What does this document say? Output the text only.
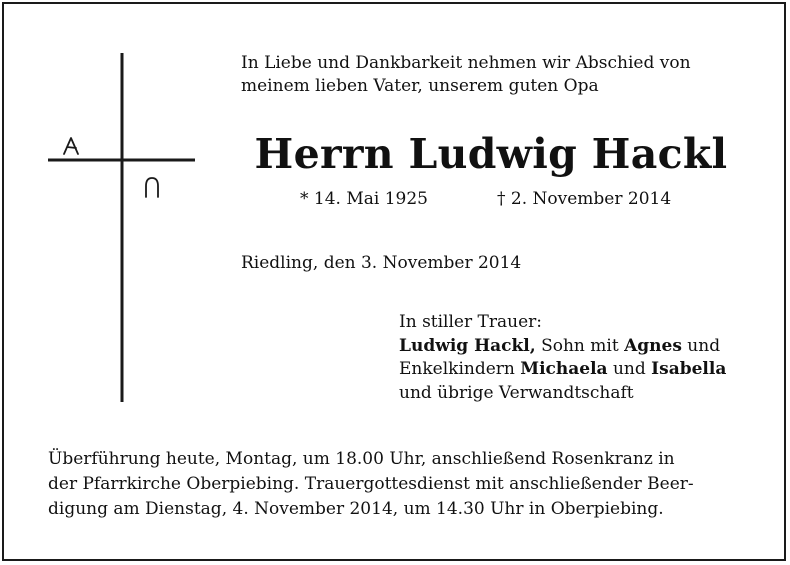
In Liebe und Dankbarkeit nehmen wir Abschied von
meinem lieben Vater, unserem guten Opa
Herrn Ludwig Hackl
* 14. Mai 1925	† 2. November 2014
Riedling, den 3. November 2014
In stiller Trauer:
Ludwig Hackl, Sohn mit Agnes und
Enkelkindern Michaela und Isabella
und übrige Verwandtschaft
Überführung heute, Montag, um 18.00 Uhr, anschließend Rosenkranz in
der Pfarrkirche Oberpiebing. Trauergottesdienst mit anschließender Beer-
digung am Dienstag, 4. November 2014, um 14.30 Uhr in Oberpiebing.
